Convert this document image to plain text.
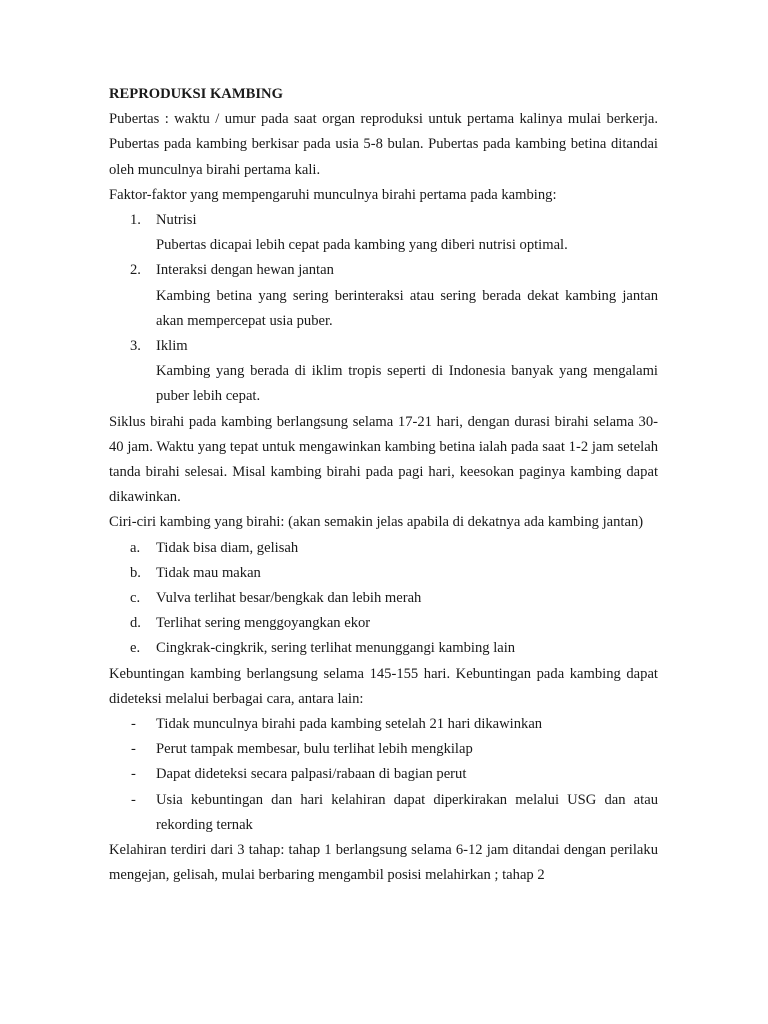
REPRODUKSI KAMBING

Pubertas : waktu / umur pada saat organ reproduksi untuk pertama kalinya mulai berkerja. Pubertas pada kambing berkisar pada usia 5-8 bulan. Pubertas pada kambing betina ditandai oleh munculnya birahi pertama kali.

Faktor-faktor yang mempengaruhi munculnya birahi pertama pada kambing:

1. Nutrisi
Pubertas dicapai lebih cepat pada kambing yang diberi nutrisi optimal.
2. Interaksi dengan hewan jantan
Kambing betina yang sering berinteraksi atau sering berada dekat kambing jantan akan mempercepat usia puber.
3. Iklim
Kambing yang berada di iklim tropis seperti di Indonesia banyak yang mengalami puber lebih cepat.

Siklus birahi pada kambing berlangsung selama 17-21 hari, dengan durasi birahi selama 30-40 jam. Waktu yang tepat untuk mengawinkan kambing betina ialah pada saat 1-2 jam setelah tanda birahi selesai. Misal kambing birahi pada pagi hari, keesokan paginya kambing dapat dikawinkan.

Ciri-ciri kambing yang birahi: (akan semakin jelas apabila di dekatnya ada kambing jantan)

a. Tidak bisa diam, gelisah
b. Tidak mau makan
c. Vulva terlihat besar/bengkak dan lebih merah
d. Terlihat sering menggoyangkan ekor
e. Cingkrak-cingkrik, sering terlihat menunggangi kambing lain

Kebuntingan kambing berlangsung selama 145-155 hari. Kebuntingan pada kambing dapat dideteksi melalui berbagai cara, antara lain:

- Tidak munculnya birahi pada kambing setelah 21 hari dikawinkan
- Perut tampak membesar, bulu terlihat lebih mengkilap
- Dapat dideteksi secara palpasi/rabaan di bagian perut
- Usia kebuntingan dan hari kelahiran dapat diperkirakan melalui USG dan atau rekording ternak

Kelahiran terdiri dari 3 tahap: tahap 1 berlangsung selama 6-12 jam ditandai dengan perilaku mengejan, gelisah, mulai berbaring mengambil posisi melahirkan ; tahap 2
